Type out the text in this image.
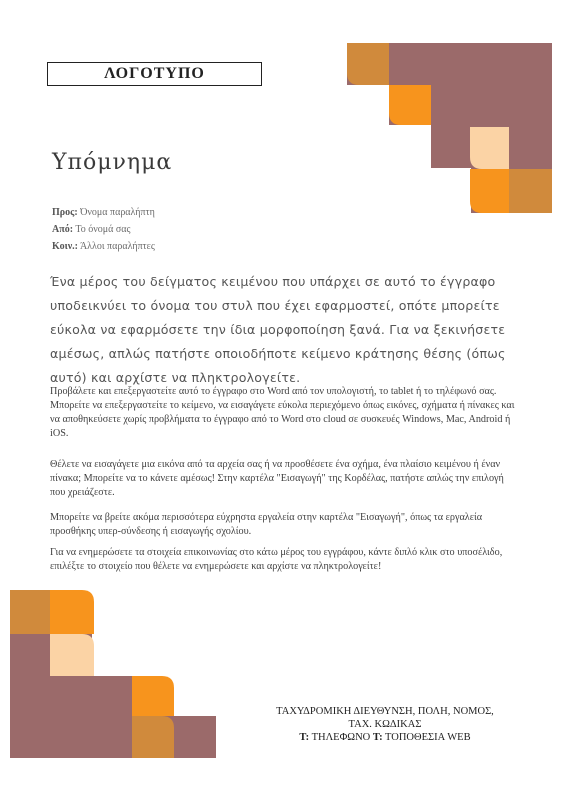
ΛΟΓΟΤΥΠΟ
Υπόμνημα
Προς: Όνομα παραλήπτη
Από: Το όνομά σας
Κοιν.: Άλλοι παραλήπτες
Ένα μέρος του δείγματος κειμένου που υπάρχει σε αυτό το έγγραφο υποδεικνύει το όνομα του στυλ που έχει εφαρμοστεί, οπότε μπορείτε εύκολα να εφαρμόσετε την ίδια μορφοποίηση ξανά. Για να ξεκινήσετε αμέσως, απλώς πατήστε οποιοδήποτε κείμενο κράτησης θέσης (όπως αυτό) και αρχίστε να πληκτρολογείτε.
Προβάλετε και επεξεργαστείτε αυτό το έγγραφο στο Word από τον υπολογιστή, το tablet ή το τηλέφωνό σας. Μπορείτε να επεξεργαστείτε το κείμενο, να εισαγάγετε εύκολα περιεχόμενο όπως εικόνες, σχήματα ή πίνακες και να αποθηκεύσετε χωρίς προβλήματα το έγγραφο από το Word στο cloud σε συσκευές Windows, Mac, Android ή iOS.
Θέλετε να εισαγάγετε μια εικόνα από τα αρχεία σας ή να προσθέσετε ένα σχήμα, ένα πλαίσιο κειμένου ή έναν πίνακα; Μπορείτε να το κάνετε αμέσως! Στην καρτέλα "Εισαγωγή" της Κορδέλας, πατήστε απλώς την επιλογή που χρειάζεστε.
Μπορείτε να βρείτε ακόμα περισσότερα εύχρηστα εργαλεία στην καρτέλα "Εισαγωγή", όπως τα εργαλεία προσθήκης υπερ-σύνδεσης ή εισαγωγής σχολίου.
Για να ενημερώσετε τα στοιχεία επικοινωνίας στο κάτω μέρος του εγγράφου, κάντε διπλό κλικ στο υποσέλιδο, επιλέξτε το στοιχείο που θέλετε να ενημερώσετε και αρχίστε να πληκτρολογείτε!
ΤΑΧΥΔΡΟΜΙΚΗ ΔΙΕΥΘΥΝΣΗ, ΠΟΛΗ, ΝΟΜΟΣ,
ΤΑΧ. ΚΩΔΙΚΑΣ
Τ: ΤΗΛΕΦΩΝΟ Τ: ΤΟΠΟΘΕΣΙΑ WEB
